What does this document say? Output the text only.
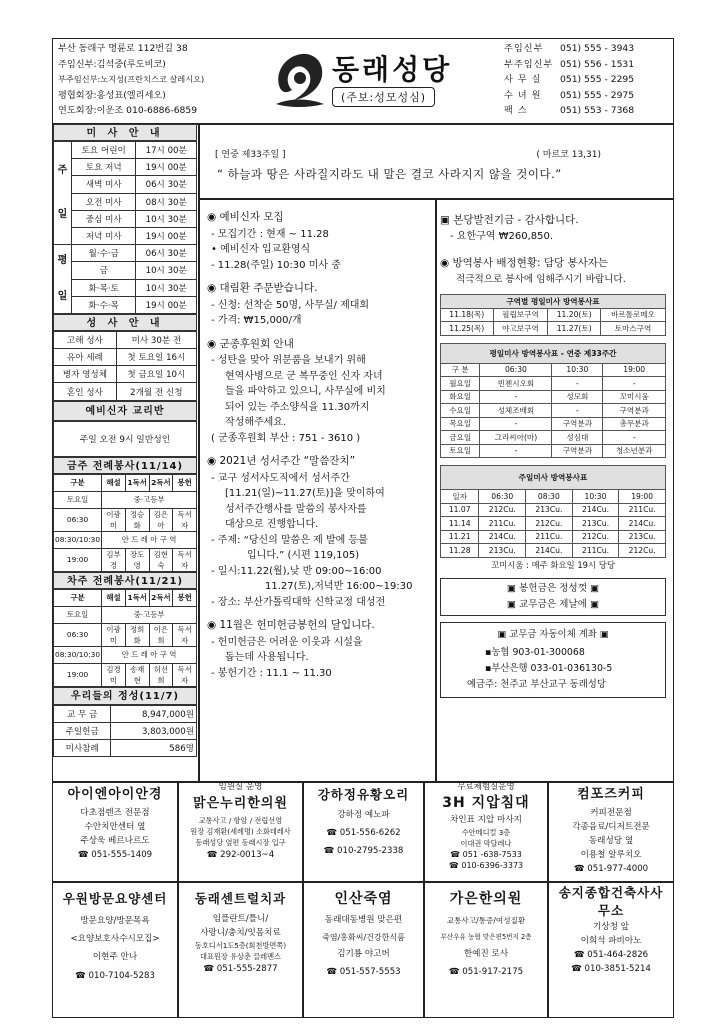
부산 동래구 명륜로 112번길 38
주임신부:김석중(루도비코)
부주임신부:노지성(프란치스코 살레시오)
평협회장:홍성표(엘리세오)
연도회장:이운조 010-6886-6859
동래성당
(주보:성모성심)
주임신부	051) 555 - 3943
부주임신부 051) 556 - 1531
사 무 실	051) 555 - 2295
수 녀 원	051) 555 - 2975
팩 스	051) 553 - 7368
미 사 안 내
주

일	토요 어린이	17시 00분
	토요 저녁	19시 00분
	새벽 미사	06시 30분
	오전 미사	08시 30분
	중심 미사	10시 30분
	저녁 미사	19시 00분
평

일	월·수·금	06시 30분
	금	10시 30분
	화·목·토	10시 30분
	화·수·목	19시 00분
성 사 안 내
고해 성사	미사 30분 전
유아 세례	첫 토요일 16시
병자 영성체	첫 금요일 10시
혼인 성사	2개월 전 신청
예비신자 교리반
주일 오전 9시 일반성인
금주 전례봉사(11/14)
구분	해설	1독서	2독서	봉헌
토요일	중·고등부			
06:30	이광미	정승화	김은아	독서자
08:30/10:30	안 드 레 아 구 역			
19:00	김부경	장도영	김현숙	독서자
차주 전례봉사(11/21)
구분	해설	1독서	2독서	봉헌
토요일	중·고등부			
06:30	이광미	정희화	이은희	독서자
08:30/10:30	안 드 레 아 구 역			
19:00	김경미	송재현	허선희	독서자
우리들의 정성(11/7)
교 무 금	8,947,000원
주일헌금	3,803,000원
미사참례	586명
[ 연중 제33주일 ]	( 마르코 13,31)
“ 하늘과 땅은 사라질지라도 내 말은 결코 사라지지 않을 것이다.”
◉ 예비신자 모집

- 모집기간 : 현재 ~ 11.28

• 예비신자 입교환영식

- 11.28(주일) 10:30 미사 중

◉ 대림환 주문받습니다.

- 신청: 선착순 50명, 사무실/ 제대회

- 가격: ₩15,000/개

◉ 군종후원회 안내

- 성탄을 맞아 위문품을 보내기 위해

현역사병으로 군 복무중인 신자 자녀

들을 파악하고 있으니, 사무실에 비치

되어 있는 주소양식을 11.30까지

작성해주세요.

( 군종후원회 부산 : 751 - 3610 )

◉ 2021년 성서주간 “말씀잔치”

- 교구 성서사도직에서 성서주간

[11.21(일)~11.27(토)]을 맞이하여

성서주간행사를 말씀의 봉사자를

대상으로 진행합니다.

- 주제: “당신의 말씀은 제 발에 등불

입니다.” (시편 119,105)

- 일시:11.22(월),낮 반 09:00~16:00

11.27(토),저녁반 16:00~19:30

- 장소: 부산가톨릭대학 신학교정 대성전

◉ 11월은 헌미헌금봉헌의 달입니다.

- 헌미헌금은 어려운 이웃과 시설을

돕는데 사용됩니다.

- 봉헌기간 : 11.1 ~ 11.30

▣ 본당발전기금 - 감사합니다.
- 요한구역 ₩260,850.
◉ 방역봉사 배정현황: 담당 봉사자는
적극적으로 봉사에 임해주시기 바랍니다.
구역별 평일미사 방역봉사표			
11.18(목)	필립보구역	11.20(토)	바르톨로메오
11.25(목)	야고보구역	11.27(토)	토마스구역
평일미사 방역봉사표 - 연중 제33주간			
구 분	06:30	10:30	19:00
월요일	빈첸시오회	-	-
화요일	-	성모회	꼬미시움
수요일	성체조배회	-	구역분과
목요일	-	구역분과	총무분과
금요일	그라씨아(마)	성심대	-
토요일	-	구역분과	청소년분과
주일미사 방역봉사표				
일자	06:30	08:30	10:30	19:00
11.07	212Cu.	213Cu.	214Cu.	211Cu.
11.14	211Cu.	212Cu.	213Cu.	214Cu.
11.21	214Cu.	211Cu.	212Cu.	213Cu.
11.28	213Cu.	214Cu.	211Cu.	212Cu.
꼬미시움 : 매주 화요일 19시 당당				
▣ 봉헌금은 정성껏 ▣
▣ 교무금은 제날에 ▣
▣ 교무금 자동이체 계좌 ▣
▪농협 903-01-300068
▪부산은행 033-01-036130-5
예금주: 천주교 부산교구 동래성당
아이엔아이안경
다초점렌즈 전문점
수안치안센터 옆
주상욱 베르나르도
☎ 051-555-1409
임원실 운영
맑은누리한의원
교통사고 / 항암 / 전립선염
원장 김재환(세례명) 소화데레사
동래성당 옆편 동래시장 입구
☎ 292-0013~4
강하정유황오리
강하정 예노파
☎ 051-556-6262
☎ 010-2795-2338
무료체험실운영
3H 지압침대
차인표 지압 마사지
수안메디컬 3층
이대권 막달레나
☎ 051 -638-7533
☎ 010-6396-3373
컴포즈커피
커피전문점
각종음료/디저트전문
동래성당 옆
이용철 알루치오
☎ 051-977-4000
우원방문요양센터
방문요양/방문목욕
<요양보호사수시모집>
이현주 안나
☎ 010-7104-5283
동래센트럴치과
임플란트/틀니/
사랑니/충치/잇몸치료
동호디서1도5층(회천방면쪽)
대표원장 유상춘 끌레멘스
☎ 051-555-2877
인산죽염
동래대동병원 맞은편
죽염/홍화씨/건강한식품
김기룡 야고버
☎ 051-557-5553
가은한의원
교통사고/통증/여성질환
부산우유 농협 맞은편5번지 2층
한예진 로사
☎ 051-917-2175
송지종합건축사사무소
기상청 앞
이희석 파비아노
☎ 051-464-2826
☎ 010-3851-5214
